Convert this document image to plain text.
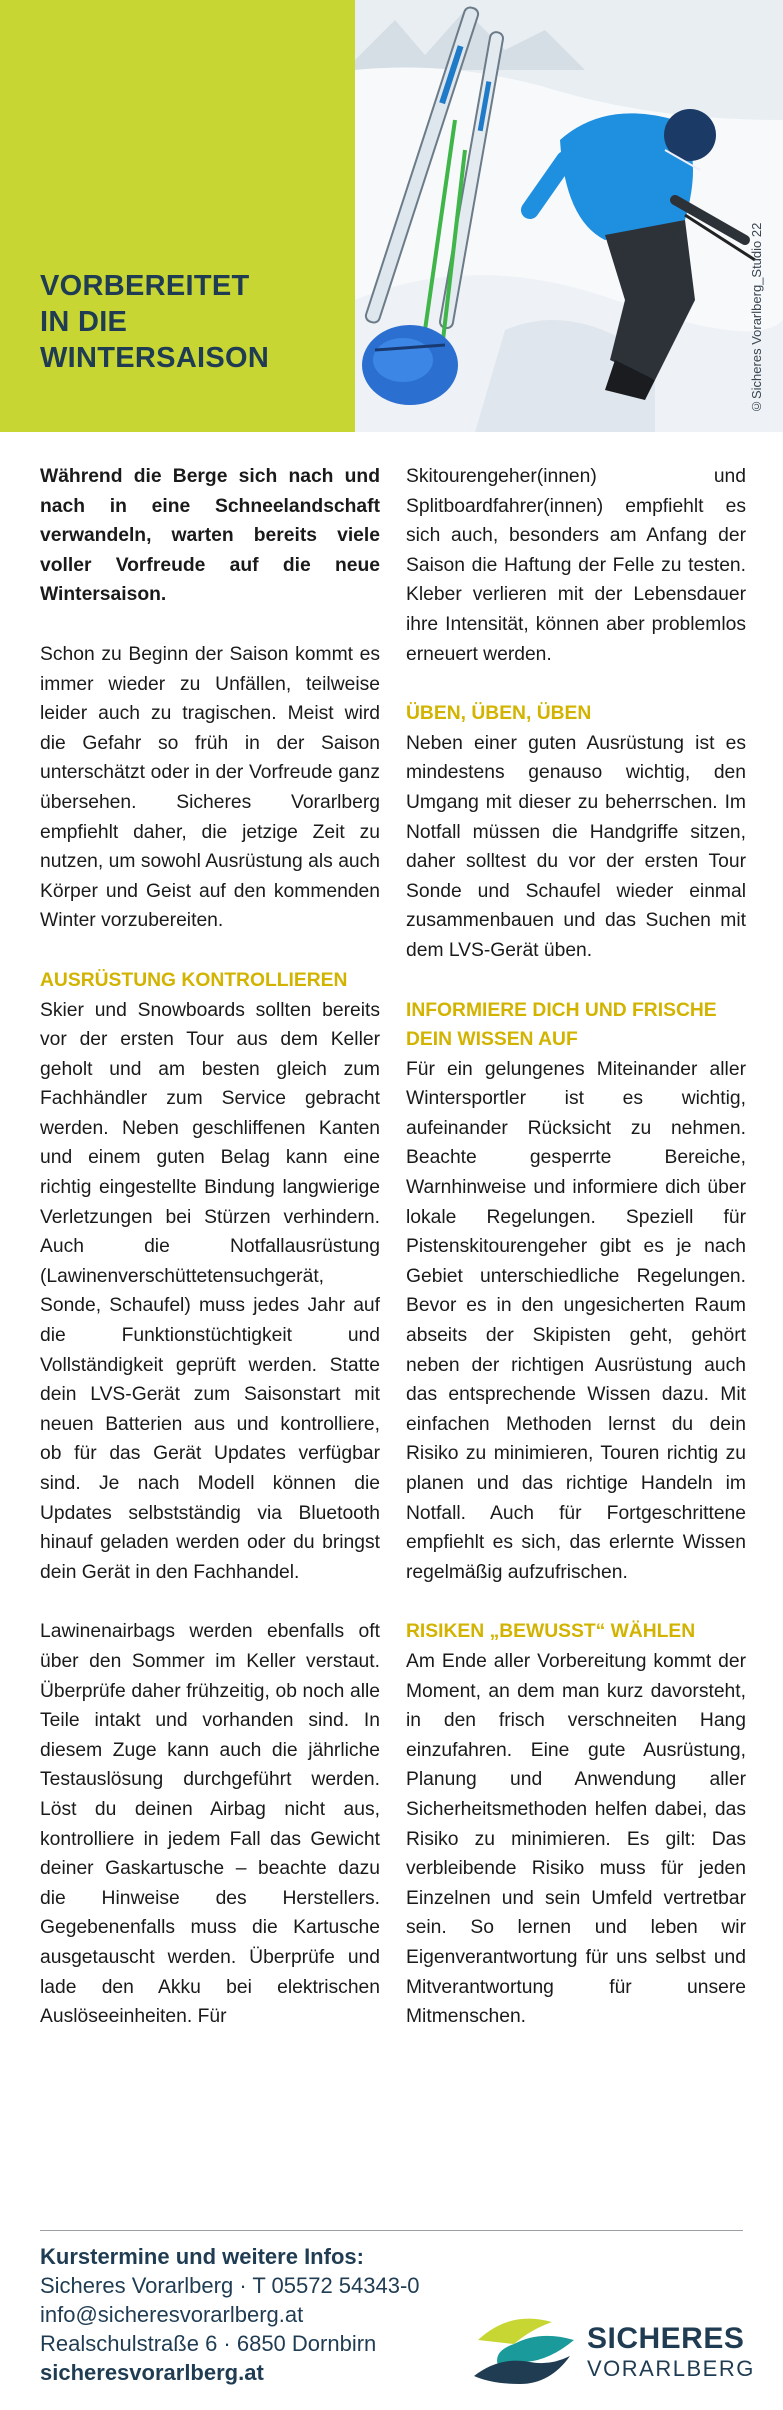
VORBEREITET
IN DIE
WINTERSAISON	©Sicheres Vorarlberg_Studio 22

Während die Berge sich nach und nach in eine Schneelandschaft verwandeln, warten bereits viele voller Vorfreude auf die neue Wintersaison.

Schon zu Beginn der Saison kommt es immer wieder zu Unfällen, teilweise leider auch zu tragischen. Meist wird die Gefahr so früh in der Saison unterschätzt oder in der Vorfreude ganz übersehen. Sicheres Vorarlberg empfiehlt daher, die jetzige Zeit zu nutzen, um sowohl Ausrüstung als auch Körper und Geist auf den kommenden Winter vorzubereiten.

AUSRÜSTUNG KONTROLLIEREN

Skier und Snowboards sollten bereits vor der ersten Tour aus dem Keller geholt und am besten gleich zum Fachhändler zum Service gebracht werden. Neben geschliffenen Kanten und einem guten Belag kann eine richtig eingestellte Bindung langwierige Verletzungen bei Stürzen verhindern. Auch die Notfallausrüstung (Lawinenverschüttetensuchgerät, Sonde, Schaufel) muss jedes Jahr auf die Funktionstüchtigkeit und Vollständigkeit geprüft werden. Statte dein LVS-Gerät zum Saisonstart mit neuen Batterien aus und kontrolliere, ob für das Gerät Updates verfügbar sind. Je nach Modell können die Updates selbstständig via Bluetooth hinauf geladen werden oder du bringst dein Gerät in den Fachhandel.

Lawinenairbags werden ebenfalls oft über den Sommer im Keller verstaut. Überprüfe daher frühzeitig, ob noch alle Teile intakt und vorhanden sind. In diesem Zuge kann auch die jährliche Testauslösung durchgeführt werden. Löst du deinen Airbag nicht aus, kontrolliere in jedem Fall das Gewicht deiner Gaskartusche – beachte dazu die Hinweise des Herstellers. Gegebenenfalls muss die Kartusche ausgetauscht werden. Überprüfe und lade den Akku bei elektrischen Auslöseeinheiten. Für

Skitourengeher(innen) und Splitboardfahrer(innen) empfiehlt es sich auch, besonders am Anfang der Saison die Haftung der Felle zu testen. Kleber verlieren mit der Lebensdauer ihre Intensität, können aber problemlos erneuert werden.

ÜBEN, ÜBEN, ÜBEN

Neben einer guten Ausrüstung ist es mindestens genauso wichtig, den Umgang mit dieser zu beherrschen. Im Notfall müssen die Handgriffe sitzen, daher solltest du vor der ersten Tour Sonde und Schaufel wieder einmal zusammenbauen und das Suchen mit dem LVS-Gerät üben.

INFORMIERE DICH UND FRISCHE DEIN WISSEN AUF

Für ein gelungenes Miteinander aller Wintersportler ist es wichtig, aufeinander Rücksicht zu nehmen. Beachte gesperrte Bereiche, Warnhinweise und informiere dich über lokale Regelungen. Speziell für Pistenskitourengeher gibt es je nach Gebiet unterschiedliche Regelungen. Bevor es in den ungesicherten Raum abseits der Skipisten geht, gehört neben der richtigen Ausrüstung auch das entsprechende Wissen dazu. Mit einfachen Methoden lernst du dein Risiko zu minimieren, Touren richtig zu planen und das richtige Handeln im Notfall. Auch für Fortgeschrittene empfiehlt es sich, das erlernte Wissen regelmäßig aufzufrischen.

RISIKEN „BEWUSST“ WÄHLEN

Am Ende aller Vorbereitung kommt der Moment, an dem man kurz davorsteht, in den frisch verschneiten Hang einzufahren. Eine gute Ausrüstung, Planung und Anwendung aller Sicherheitsmethoden helfen dabei, das Risiko zu minimieren. Es gilt: Das verbleibende Risiko muss für jeden Einzelnen und sein Umfeld vertretbar sein. So lernen und leben wir Eigenverantwortung für uns selbst und Mitverantwortung für unsere Mitmenschen.

Kurstermine und weitere Infos:
Sicheres Vorarlberg · T 05572 54343-0
info@sicheresvorarlberg.at
Realschulstraße 6 · 6850 Dornbirn
sicheresvorarlberg.at
SICHERES
VORARLBERG
